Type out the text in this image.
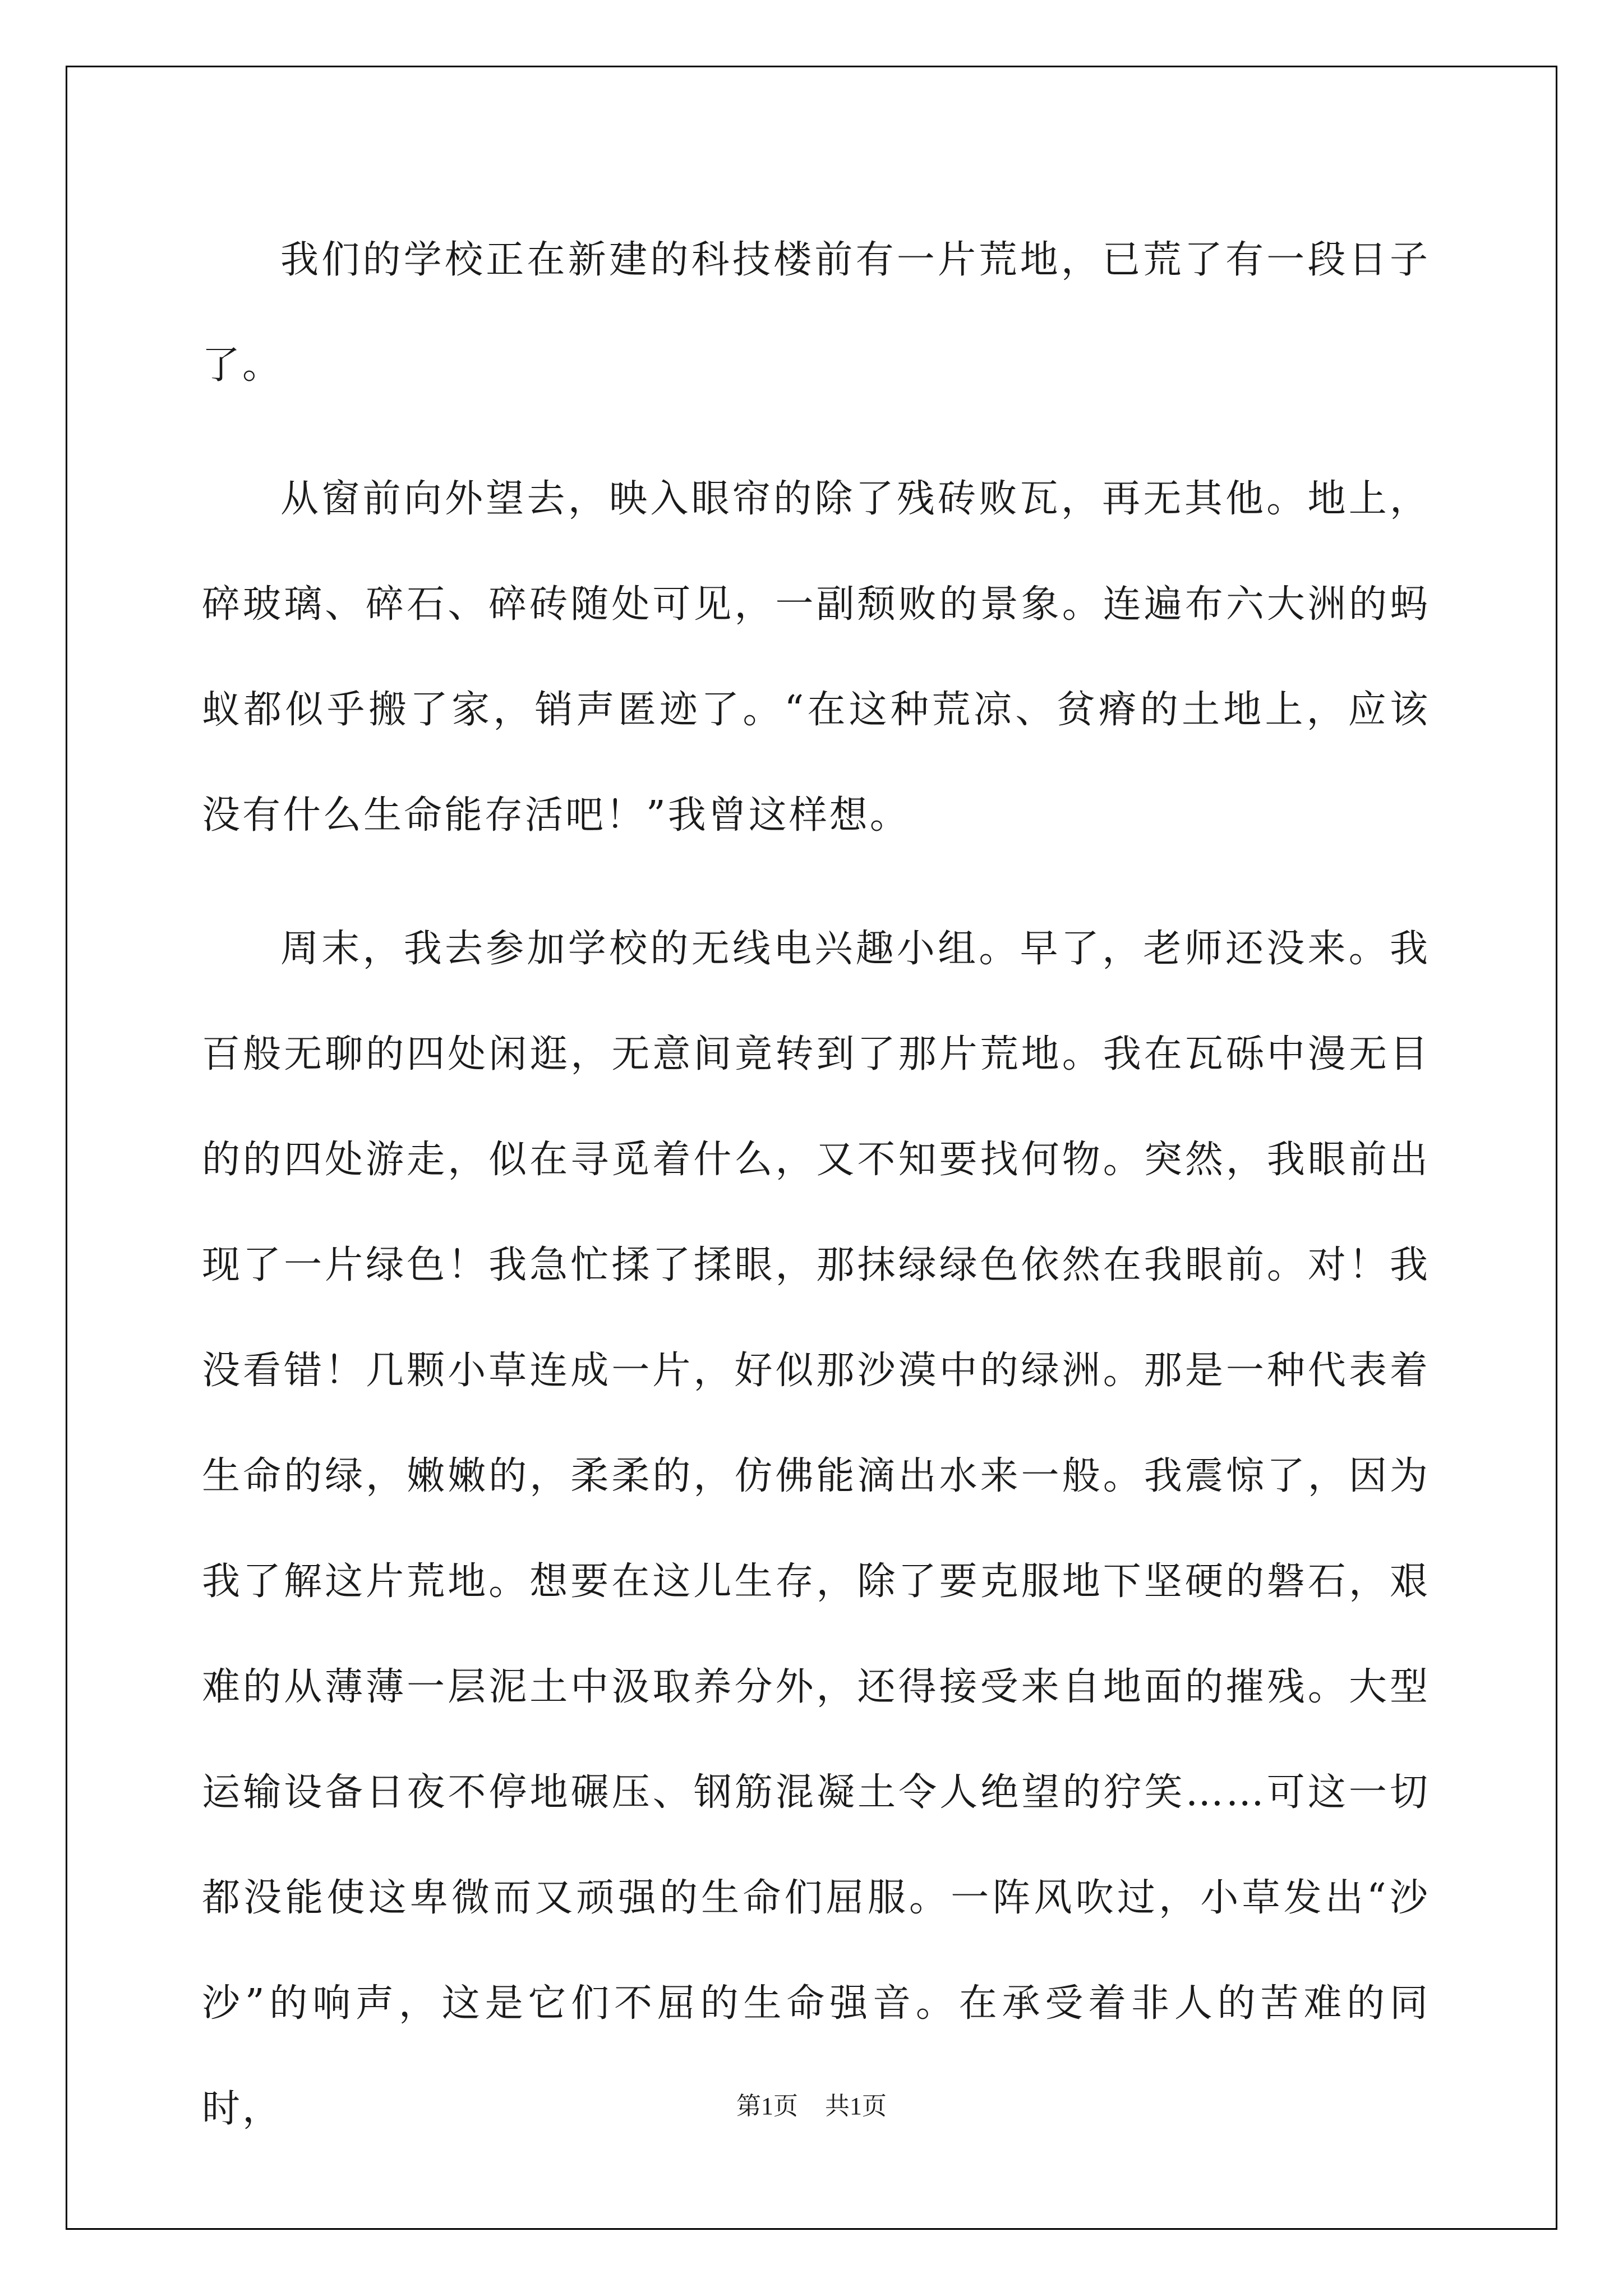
我们的学校正在新建的科技楼前有一片荒地，已荒了有一段日子了。

从窗前向外望去，映入眼帘的除了残砖败瓦，再无其他。地上，碎玻璃、碎石、碎砖随处可见，一副颓败的景象。连遍布六大洲的蚂蚁都似乎搬了家，销声匿迹了。“在这种荒凉、贫瘠的土地上，应该没有什么生命能存活吧！”我曾这样想。

周末，我去参加学校的无线电兴趣小组。早了，老师还没来。我百般无聊的四处闲逛，无意间竟转到了那片荒地。我在瓦砾中漫无目的的四处游走，似在寻觅着什么，又不知要找何物。突然，我眼前出现了一片绿色！我急忙揉了揉眼，那抹绿绿色依然在我眼前。对！我没看错！几颗小草连成一片，好似那沙漠中的绿洲。那是一种代表着生命的绿，嫩嫩的，柔柔的，仿佛能滴出水来一般。我震惊了，因为我了解这片荒地。想要在这儿生存，除了要克服地下坚硬的磐石，艰难的从薄薄一层泥土中汲取养分外，还得接受来自地面的摧残。大型运输设备日夜不停地碾压、钢筋混凝土令人绝望的狞笑……可这一切都没能使这卑微而又顽强的生命们屈服。一阵风吹过，小草发出“沙沙”的响声，这是它们不屈的生命强音。在承受着非人的苦难的同时，	第1页 共1页
